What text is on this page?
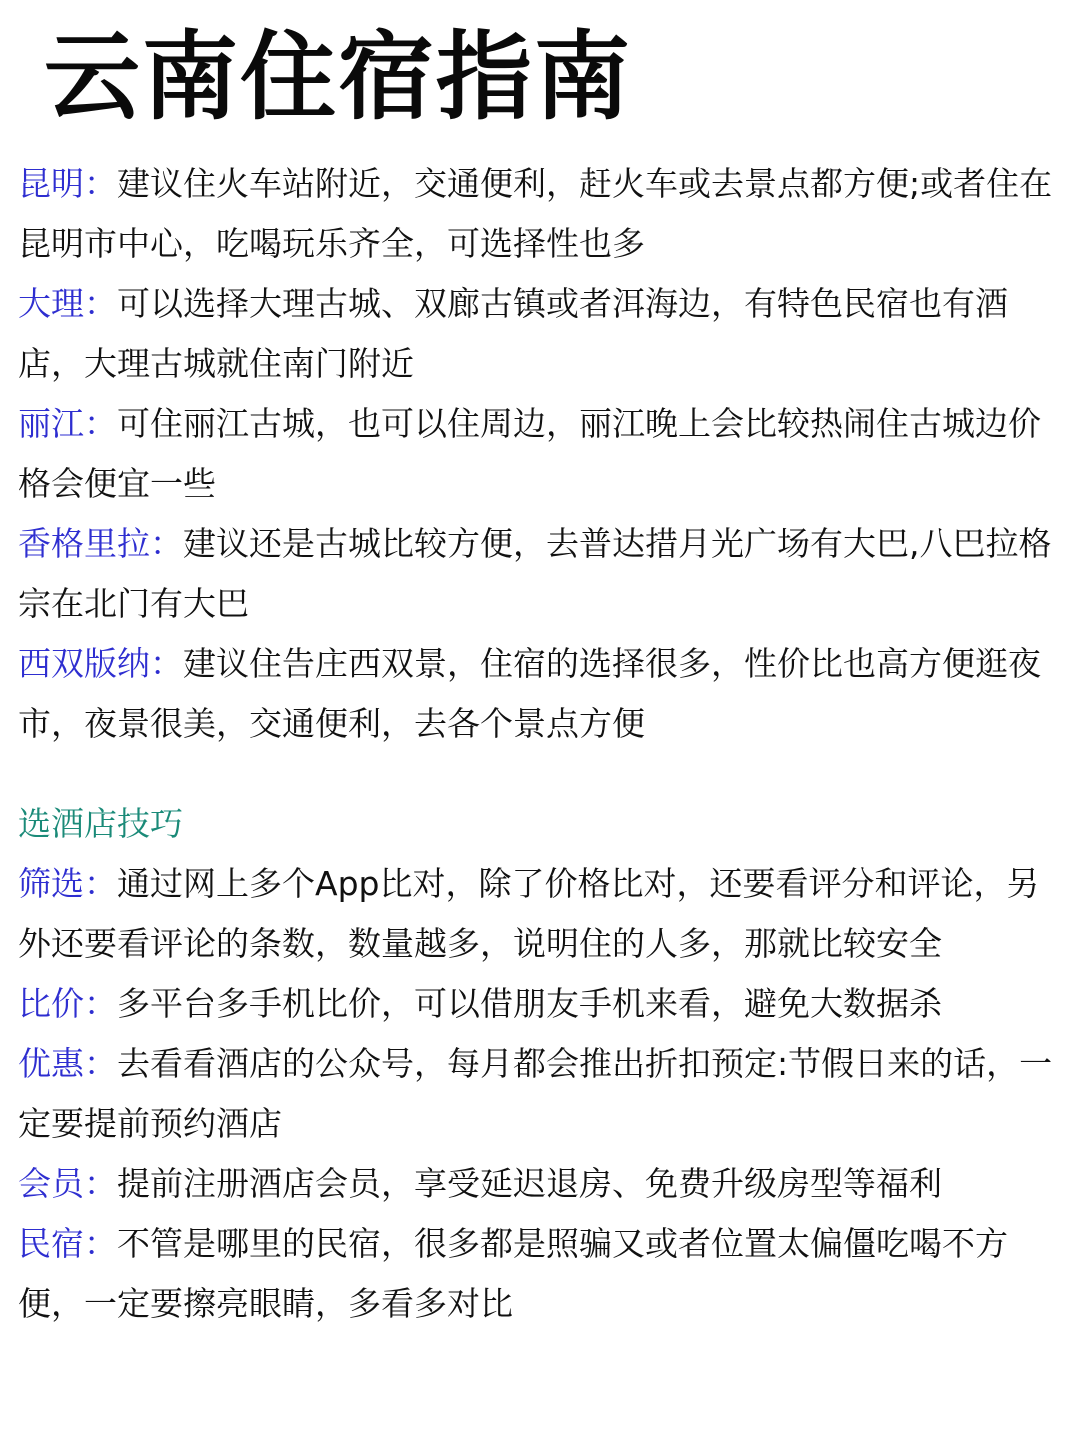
云南住宿指南

昆明：建议住火车站附近，交通便利，赶火车或去景点都方便;或者住在昆明市中心，吃喝玩乐齐全，可选择性也多

大理：可以选择大理古城、双廊古镇或者洱海边，有特色民宿也有酒店，大理古城就住南门附近

丽江：可住丽江古城，也可以住周边，丽江晚上会比较热闹住古城边价格会便宜一些

香格里拉：建议还是古城比较方便，去普达措月光广场有大巴,八巴拉格宗在北门有大巴

西双版纳：建议住告庄西双景，住宿的选择很多，性价比也高方便逛夜市，夜景很美，交通便利，去各个景点方便

选酒店技巧

筛选：通过网上多个App比对，除了价格比对，还要看评分和评论，另外还要看评论的条数，数量越多，说明住的人多，那就比较安全

比价：多平台多手机比价，可以借朋友手机来看，避免大数据杀

优惠：去看看酒店的公众号，每月都会推出折扣预定:节假日来的话，一定要提前预约酒店

会员：提前注册酒店会员，享受延迟退房、免费升级房型等福利

民宿：不管是哪里的民宿，很多都是照骗又或者位置太偏僵吃喝不方便，一定要擦亮眼睛，多看多对比
